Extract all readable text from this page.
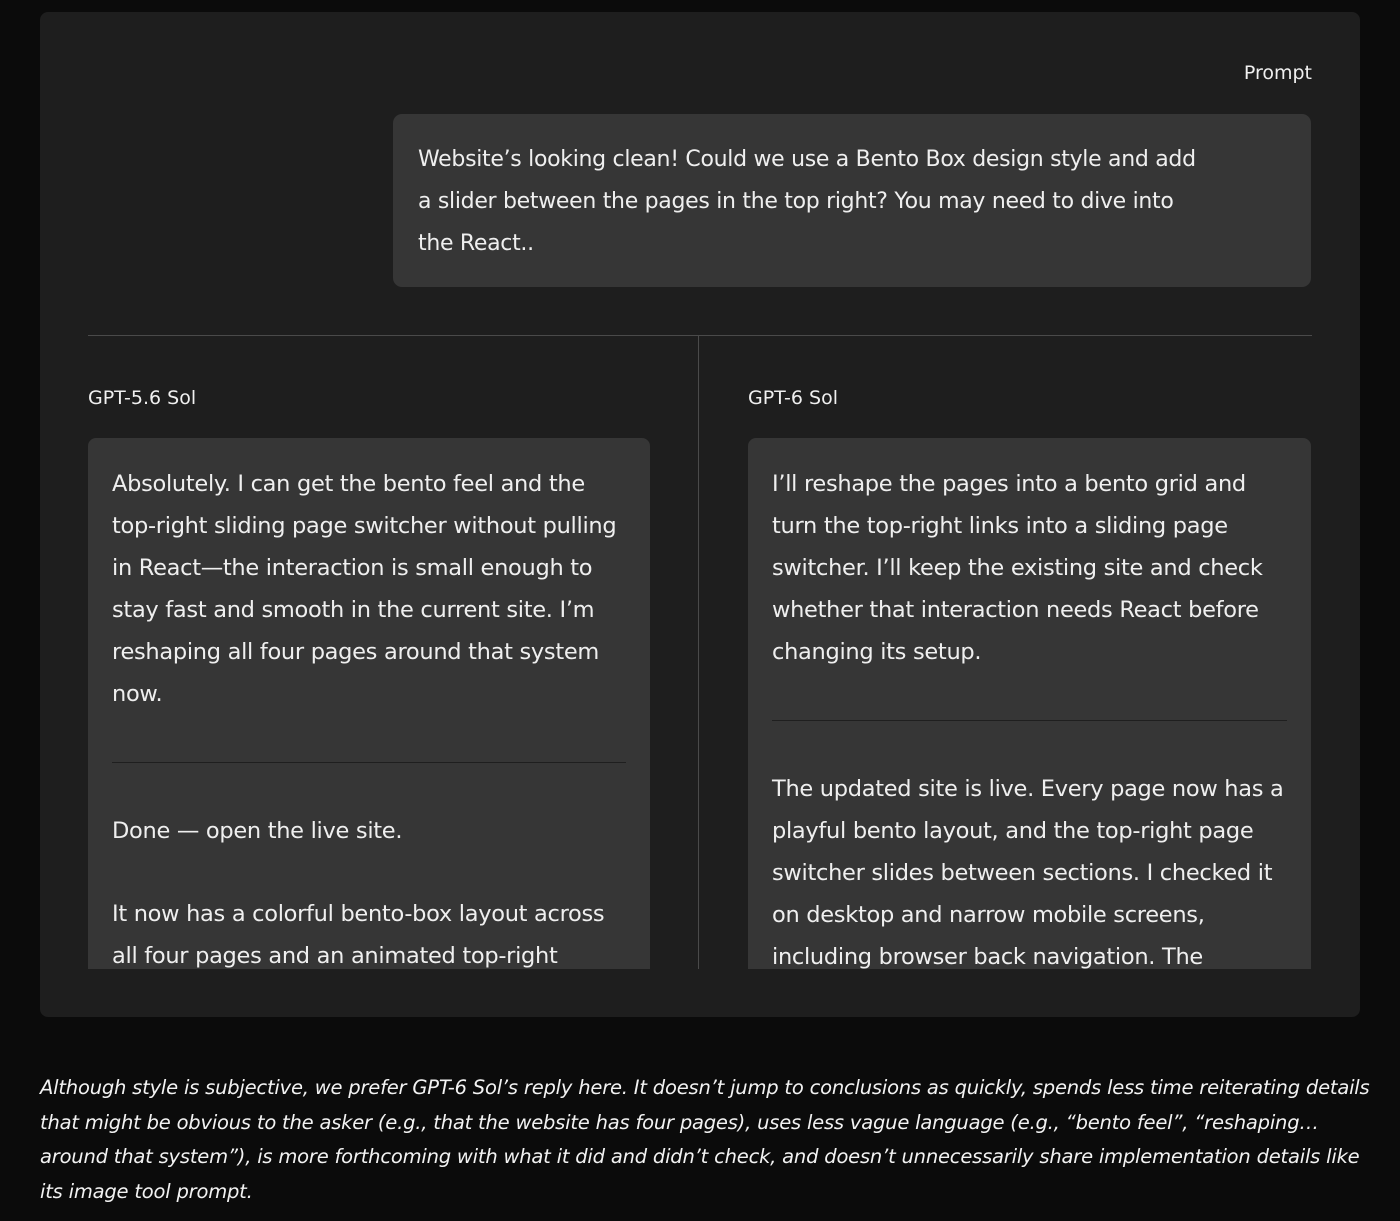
Prompt
Website’s looking clean! Could we use a Bento Box design style and add
a slider between the pages in the top right? You may need to dive into
the React..
GPT-5.6 Sol	GPT-6 Sol

Absolutely. I can get the bento feel and the top-right sliding page switcher without pulling in React—the interaction is small enough to stay fast and smooth in the current site. I’m reshaping all four pages around that system now.

Done — open the live site.

It now has a colorful bento-box layout across all four pages and an animated top-right

I’ll reshape the pages into a bento grid and turn the top-right links into a sliding page switcher. I’ll keep the existing site and check whether that interaction needs React before changing its setup.

The updated site is live. Every page now has a playful bento layout, and the top-right page switcher slides between sections. I checked it on desktop and narrow mobile screens, including browser back navigation. The

Although style is subjective, we prefer GPT-6 Sol’s reply here. It doesn’t jump to conclusions as quickly, spends less time reiterating details that might be obvious to the asker (e.g., that the website has four pages), uses less vague language (e.g., “bento feel”, “reshaping… around that system”), is more forthcoming with what it did and didn’t check, and doesn’t unnecessarily share implementation details like its image tool prompt.
